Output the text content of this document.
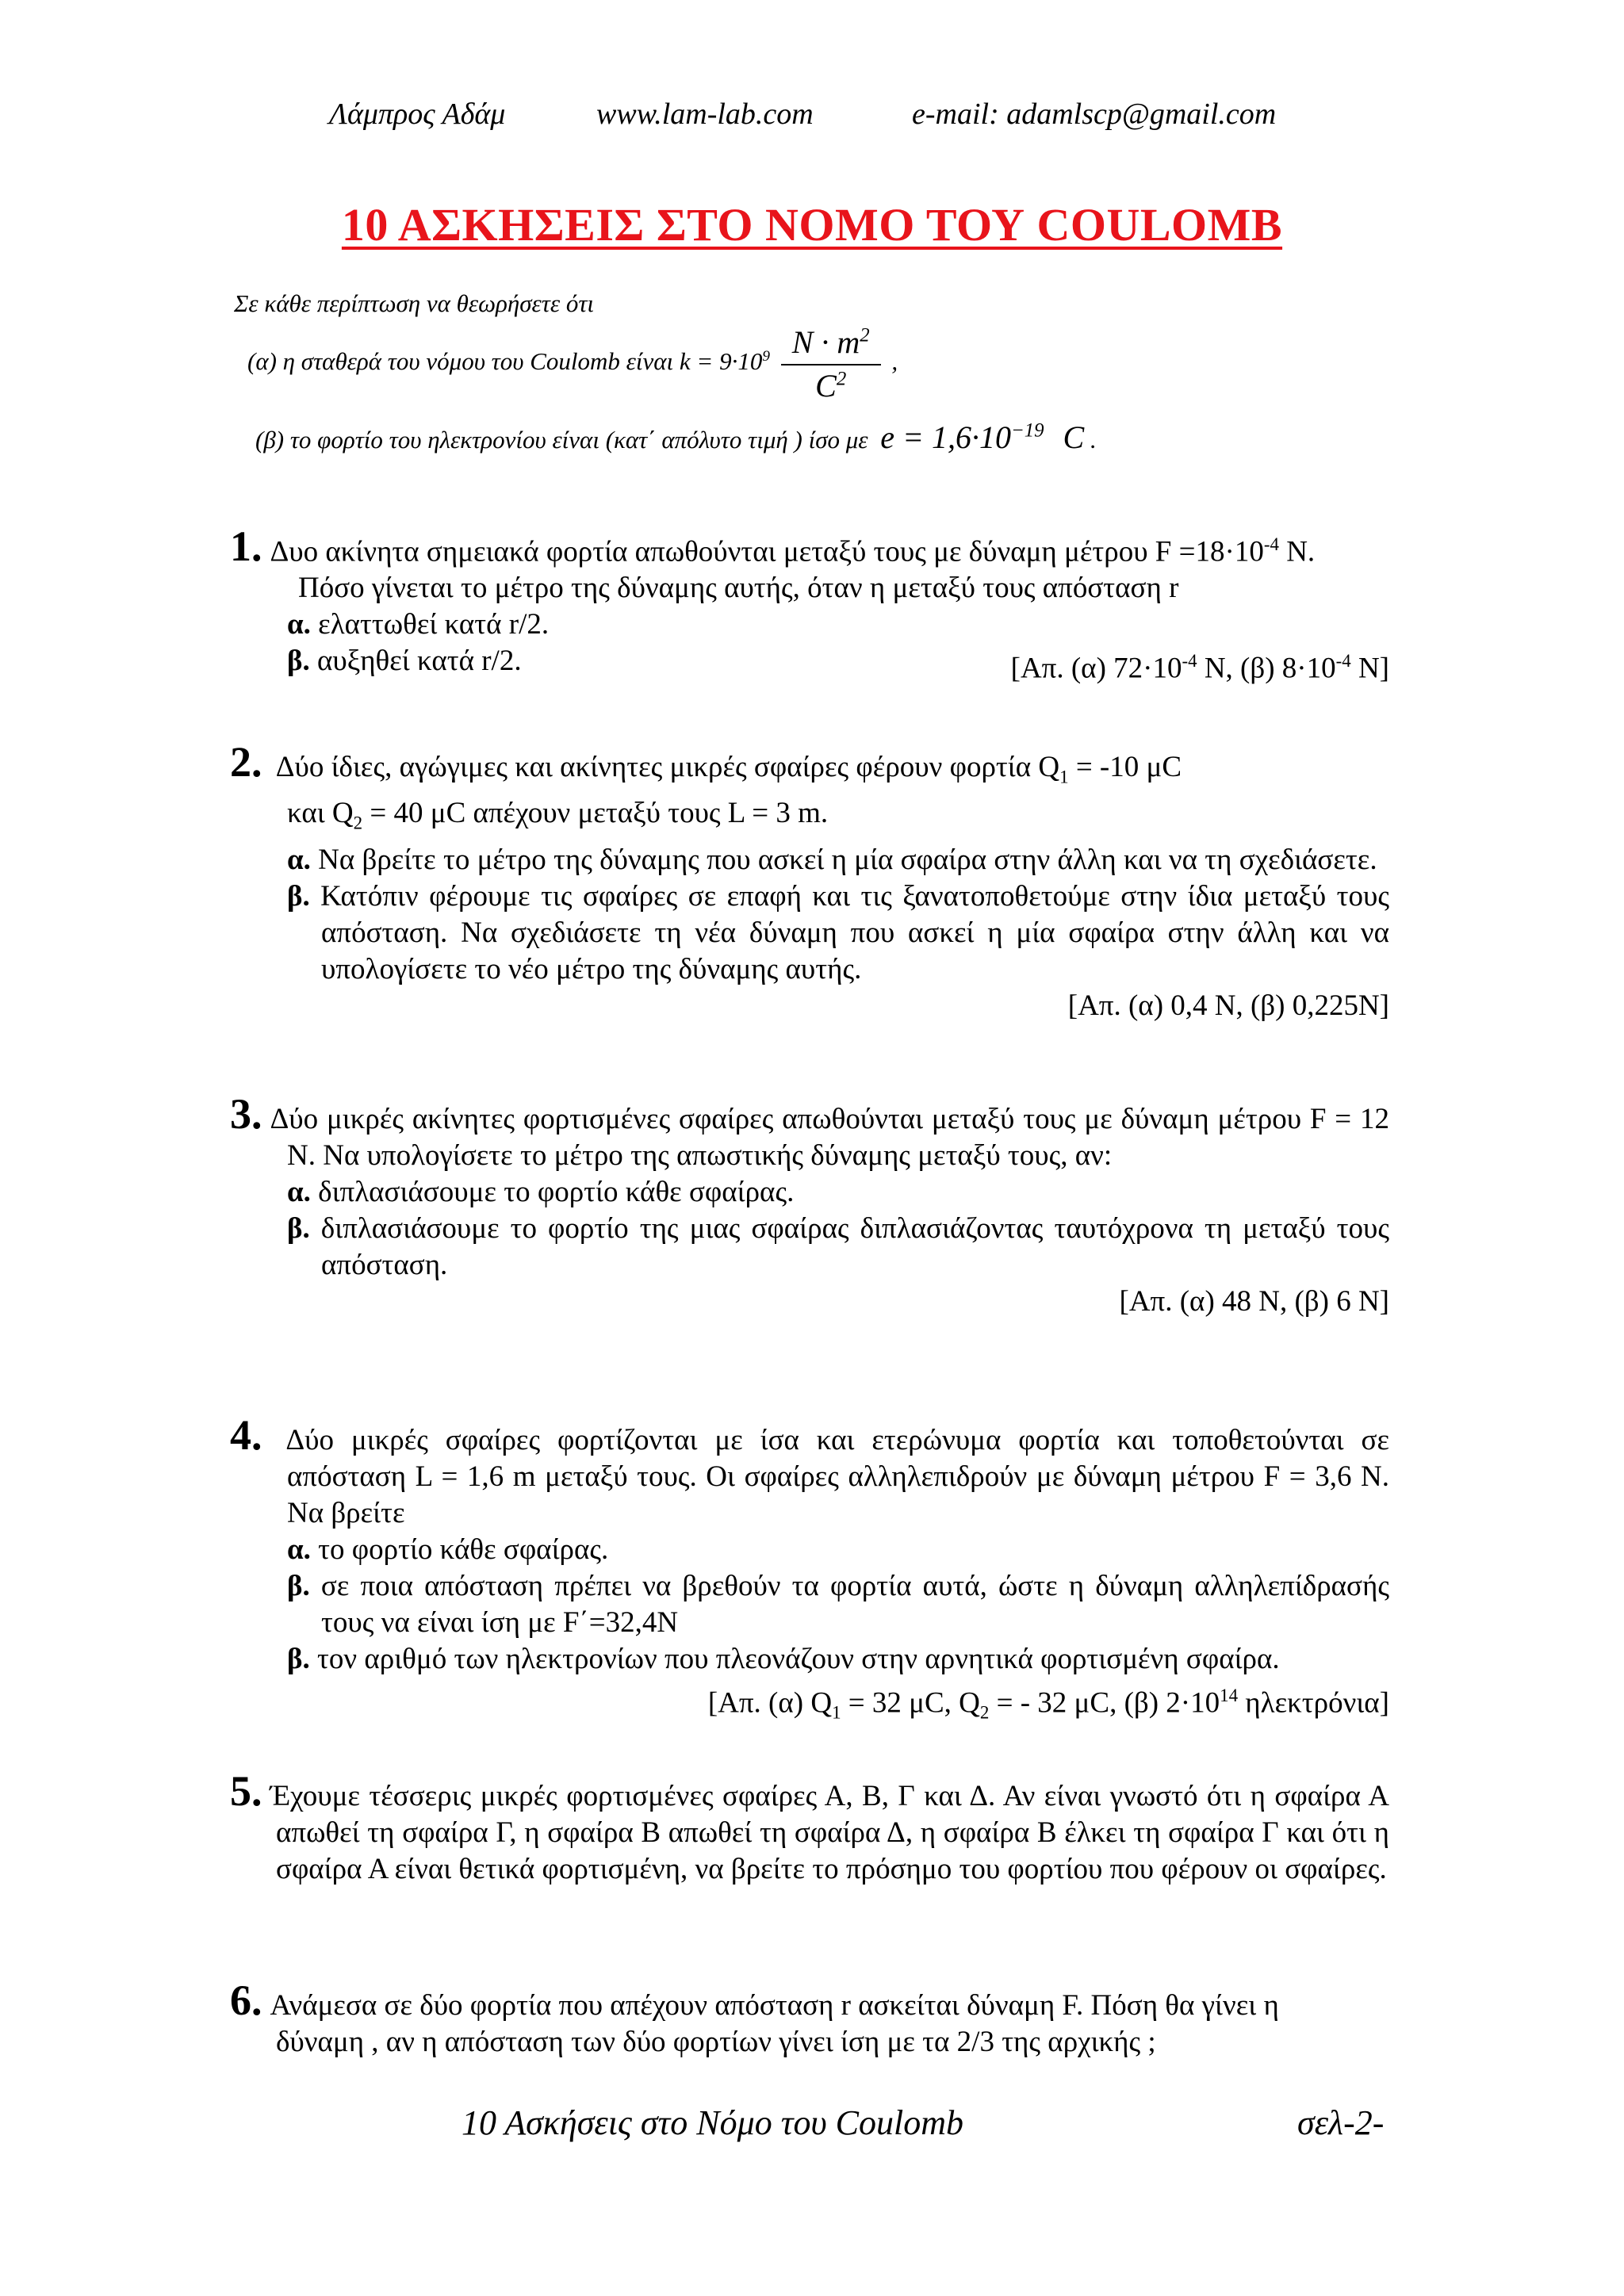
Λάμπρος Αδάμ	www.lam-lab.com	e-mail: adamlscp@gmail.com
10 ΑΣΚΗΣΕΙΣ ΣΤΟ ΝΟΜΟ ΤΟΥ COULOMB
Σε κάθε περίπτωση να θεωρήσετε ότι
(α) η σταθερά του νόμου του Coulomb είναι $k = 9\cdot 10^9 \frac{N \cdot m^2}{C^2}$ ,
(β) το φορτίο του ηλεκτρονίου είναι (κατ΄ απόλυτο τιμή ) ίσο με $e = 1,6\cdot 10^{-19}$ C .

1. Δυο ακίνητα σημειακά φορτία απωθούνται μεταξύ τους με δύναμη μέτρου $F =18\cdot 10^{-4}$ N.

Πόσο γίνεται το μέτρο της δύναμης αυτής, όταν η μεταξύ τους απόσταση r

α. ελαττωθεί κατά r/2.

β. αυξηθεί κατά r/2.	[Απ. (α) $72\cdot 10^{-4}$ N, (β) $8\cdot 10^{-4}$ N]

2. Δύο ίδιες, αγώγιμες και ακίνητες μικρές σφαίρες φέρουν φορτία $Q_1 = -10$ μC

και $Q_2 = 40$ μC απέχουν μεταξύ τους L = 3 m.

α. Να βρείτε το μέτρο της δύναμης που ασκεί η μία σφαίρα στην άλλη και να τη σχεδιάσετε.

β. Κατόπιν φέρουμε τις σφαίρες σε επαφή και τις ξανατοποθετούμε στην ίδια μεταξύ τους απόσταση. Να σχεδιάσετε τη νέα δύναμη που ασκεί η μία σφαίρα στην άλλη και να υπολογίσετε το νέο μέτρο της δύναμης αυτής.

[Απ. (α) 0,4 N, (β) 0,225N]

3. Δύο μικρές ακίνητες φορτισμένες σφαίρες απωθούνται μεταξύ τους με δύναμη μέτρου F = 12 N. Να υπολογίσετε το μέτρο της απωστικής δύναμης μεταξύ τους, αν:

α. διπλασιάσουμε το φορτίο κάθε σφαίρας.

β. διπλασιάσουμε το φορτίο της μιας σφαίρας διπλασιάζοντας ταυτόχρονα τη μεταξύ τους απόσταση.

[Απ. (α) 48 N, (β) 6 N]

4. Δύο μικρές σφαίρες φορτίζονται με ίσα και ετερώνυμα φορτία και τοποθετούνται σε απόσταση L = 1,6 m μεταξύ τους. Οι σφαίρες αλληλεπιδρούν με δύναμη μέτρου F = 3,6 N. Να βρείτε

α. το φορτίο κάθε σφαίρας.

β. σε ποια απόσταση πρέπει να βρεθούν τα φορτία αυτά, ώστε η δύναμη αλληλεπίδρασής τους να είναι ίση με F΄=32,4N

β. τον αριθμό των ηλεκτρονίων που πλεονάζουν στην αρνητικά φορτισμένη σφαίρα.

[Απ. (α) $Q_1 = 32$ μC, $Q_2$ = - 32 μC, (β) $2\cdot 10^{14}$ ηλεκτρόνια]

5. Έχουμε τέσσερις μικρές φορτισμένες σφαίρες Α, Β, Γ και Δ. Αν είναι γνωστό ότι η σφαίρα Α απωθεί τη σφαίρα Γ, η σφαίρα Β απωθεί τη σφαίρα Δ, η σφαίρα Β έλκει τη σφαίρα Γ και ότι η σφαίρα Α είναι θετικά φορτισμένη, να βρείτε το πρόσημο του φορτίου που φέρουν οι σφαίρες.

6. Ανάμεσα σε δύο φορτία που απέχουν απόσταση r ασκείται δύναμη F. Πόση θα γίνει η δύναμη , αν η απόσταση των δύο φορτίων γίνει ίση με τα 2/3 της αρχικής ;

10 Ασκήσεις στο Νόμο του Coulomb	σελ-2-
